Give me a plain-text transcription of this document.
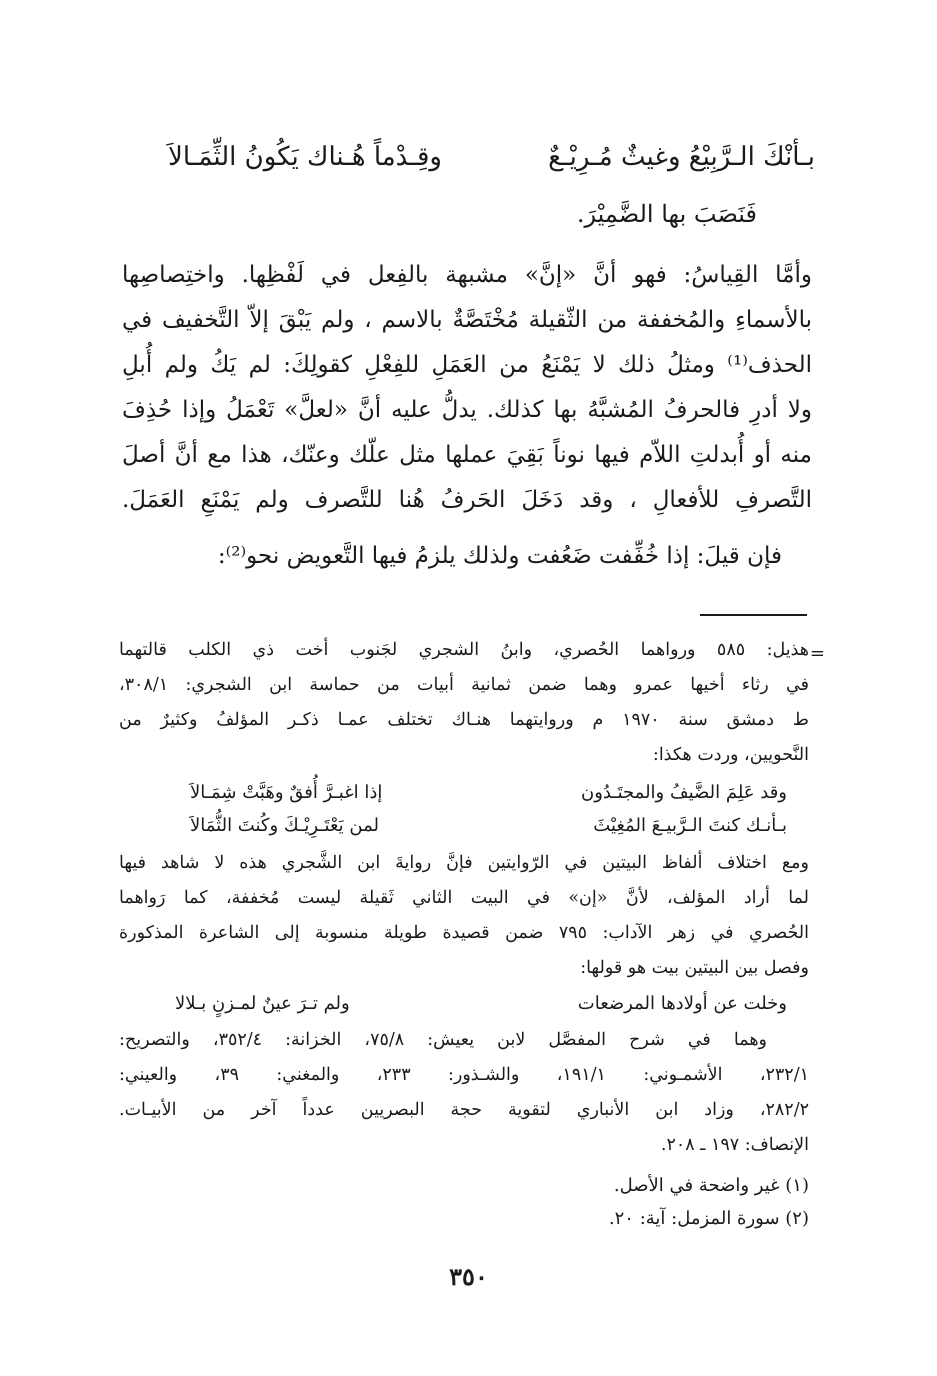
بـأنْكَ الـرَّبِيْعُ وغيثٌ مُـرِيْـعٌ
وقِـدْماً هُـناك يَكُونُ الثِّمَـالاَ
فَنَصَبَ بها الضَّمِيْرَ.
وأمَّا القِياسُ: فهو أنَّ «إنَّ» مشبهة بالفِعل في لَفْظِها. واختِصاصِها
بالأسماءِ والمُخففة من الثّقيلة مُخْتَصَّةٌ بالاسم ، ولم يَبْقَ إلاّ التَّخفيف في
الحذف⁽¹⁾ ومثلُ ذلك لا يَمْنَعُ من العَمَلِ للفِعْلِ كقولِكَ: لم يَكُ ولم أُبلِ
ولا أدرِ فالحرفُ المُشبَّهُ بها كذلك. يدلُّ عليه أنَّ «لعلَّ» تَعْمَلُ وإذا حُذِفَ
منه أو أُبدلتِ اللاّم فيها نوناً بَقِيَ عملها مثل علّك وعنّك، هذا مع أنَّ أصلَ
التَّصرفِ للأفعالِ ، وقد دَخَلَ الحَرفُ هُنا للتَّصرف ولم يَمْنَعِ العَمَلَ.
فإن قيلَ: إذا خُفِّفت ضَعُفت ولذلك يلزمُ فيها التَّعويض نحو⁽²⁾:
=
هذيل: ٥٨٥ ورواهما الحُصري، وابنُ الشجري لجَنوب أخت ذي الكلب قالتهما
في رثاء أخيها عمرو وهما ضمن ثمانية أبيات من حماسة ابن الشجري: ٣٠٨/١،
ط دمشق سنة ١٩٧٠ م وروايتهما هنـاك تختلف عمـا ذكـر المؤلفُ وكثيرٌ من
النَّحويين، وردت هكذا:
وقد عَلِمَ الضَّيفُ والمجتَـدُون
إذا اغبـرَّ أُفقٌ وهَبَّتْ شِمَـالاَ
بـأنـك كنتَ الـرَّبيـعَ المُغِيْثَ
لمن يَعْتَـرِيْـكَ وكُنتَ الثُّمَالاَ
ومع اختلاف ألفاظ البيتين في الرّوايتين فإنَّ روايةَ ابن الشَّجري هذه لا شاهد فيها
لما أراد المؤلف، لأنَّ «إن» في البيت الثاني ثَقيلة ليست مُخففة، كما رَواهما
الحُصري في زهر الآداب: ٧٩٥ ضمن قصيدة طويلة منسوبة إلى الشاعرة المذكورة
وفصل بين البيتين بيت هو قولها:
وخلت عن أولادها المرضعات
ولم تـرَ عينٌ لمـزنٍ بـلالا
وهما في شرح المفصَّل لابن يعيش: ٧٥/٨، الخزانة: ٣٥٢/٤، والتصريح:
٢٣٢/١، الأشمـوني: ١٩١/١، والشـذور: ٢٣٣، والمغني: ٣٩، والعيني:
٢٨٢/٢، وزاد ابن الأنباري لتقوية حجة البصريين عدداً آخر من الأبيـات.
الإنصاف: ١٩٧ ـ ٢٠٨.
(١) غير واضحة في الأصل.
(٢) سورة المزمل: آية: ٢٠.
٣٥٠
